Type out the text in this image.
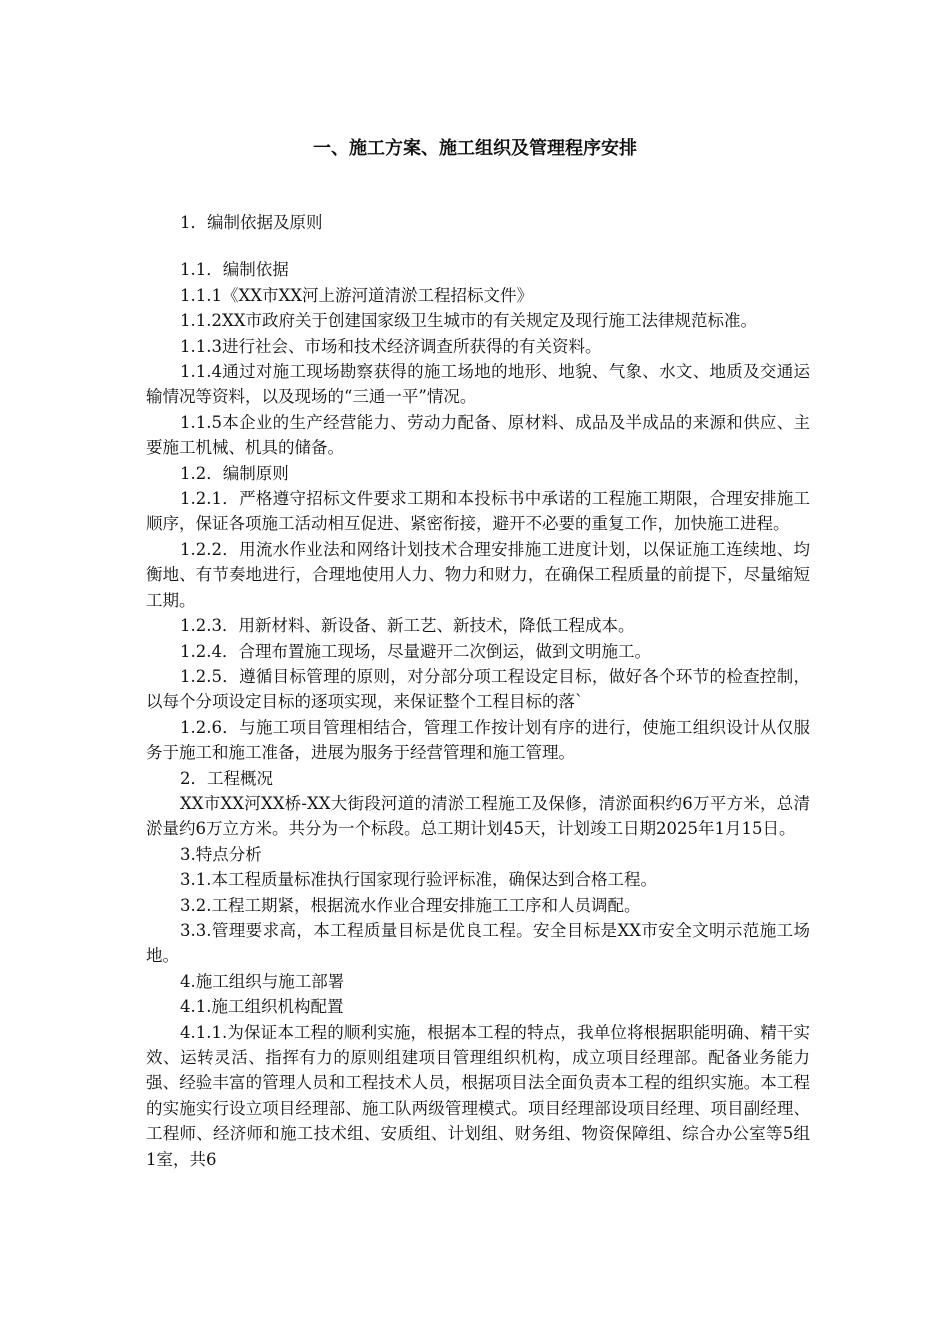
一、施工方案、施工组织及管理程序安排

1．编制依据及原则

1.1．编制依据

1.1.1《XX市XX河上游河道清淤工程招标文件》

1.1.2XX市政府关于创建国家级卫生城市的有关规定及现行施工法律规范标准。

1.1.3进行社会、市场和技术经济调查所获得的有关资料。

1.1.4通过对施工现场勘察获得的施工场地的地形、地貌、气象、水文、地质及交通运输情况等资料，以及现场的“三通一平”情况。

1.1.5本企业的生产经营能力、劳动力配备、原材料、成品及半成品的来源和供应、主要施工机械、机具的储备。

1.2．编制原则

1.2.1．严格遵守招标文件要求工期和本投标书中承诺的工程施工期限，合理安排施工顺序，保证各项施工活动相互促进、紧密衔接，避开不必要的重复工作，加快施工进程。

1.2.2．用流水作业法和网络计划技术合理安排施工进度计划，以保证施工连续地、均衡地、有节奏地进行，合理地使用人力、物力和财力，在确保工程质量的前提下，尽量缩短工期。

1.2.3．用新材料、新设备、新工艺、新技术，降低工程成本。

1.2.4．合理布置施工现场，尽量避开二次倒运，做到文明施工。

1.2.5．遵循目标管理的原则，对分部分项工程设定目标，做好各个环节的检查控制，以每个分项设定目标的逐项实现，来保证整个工程目标的落`

1.2.6．与施工项目管理相结合，管理工作按计划有序的进行，使施工组织设计从仅服务于施工和施工准备，进展为服务于经营管理和施工管理。

2．工程概况

XX市XX河XX桥-XX大街段河道的清淤工程施工及保修，清淤面积约6万平方米，总清淤量约6万立方米。共分为一个标段。总工期计划45天，计划竣工日期2025年1月15日。

3.特点分析

3.1.本工程质量标准执行国家现行验评标准，确保达到合格工程。

3.2.工程工期紧，根据流水作业合理安排施工工序和人员调配。

3.3.管理要求高，本工程质量目标是优良工程。安全目标是XX市安全文明示范施工场地。

4.施工组织与施工部署

4.1.施工组织机构配置

4.1.1.为保证本工程的顺利实施，根据本工程的特点，我单位将根据职能明确、精干实效、运转灵活、指挥有力的原则组建项目管理组织机构，成立项目经理部。配备业务能力强、经验丰富的管理人员和工程技术人员，根据项目法全面负责本工程的组织实施。本工程的实施实行设立项目经理部、施工队两级管理模式。项目经理部设项目经理、项目副经理、工程师、经济师和施工技术组、安质组、计划组、财务组、物资保障组、综合办公室等5组1室，共6
